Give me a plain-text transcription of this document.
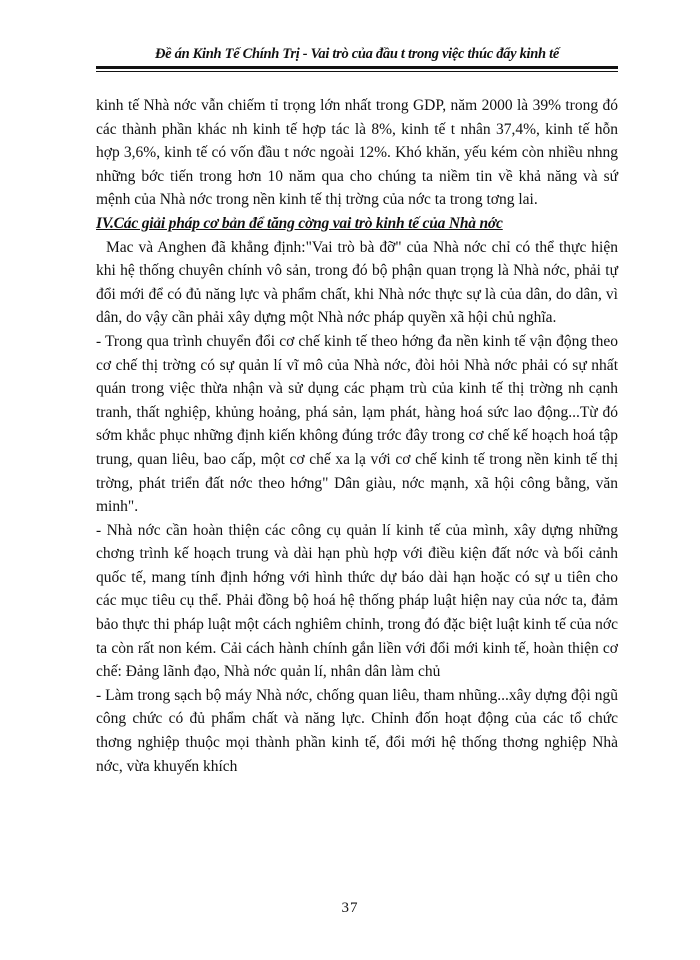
Đề án Kinh Tế Chính Trị - Vai trò của đầu t trong việc thúc đẩy kinh tế

kinh tế Nhà nớc vẫn chiếm tỉ trọng lớn nhất trong GDP, năm 2000 là 39% trong đó các thành phần khác nh kinh tế hợp tác là 8%, kinh tế t nhân 37,4%, kinh tế hỗn hợp 3,6%, kinh tế có vốn đầu t nớc ngoài 12%. Khó khăn, yếu kém còn nhiều nhng những bớc tiến trong hơn 10 năm qua cho chúng ta niềm tin về khả năng và sứ mệnh của Nhà nớc trong nền kinh tế thị trờng của nớc ta trong tơng lai.

IV.Các giải pháp cơ bản để tăng cờng vai trò kinh tế của Nhà nớc

Mac và Anghen đã khẳng định:"Vai trò bà đỡ" của Nhà nớc chỉ có thể thực hiện khi hệ thống chuyên chính vô sản, trong đó bộ phận quan trọng là Nhà nớc, phải tự đổi mới để có đủ năng lực và phẩm chất, khi Nhà nớc thực sự là của dân, do dân, vì dân, do vậy cần phải xây dựng một Nhà nớc pháp quyền xã hội chủ nghĩa.

- Trong qua trình chuyển đổi cơ chế kinh tế theo hớng đa nền kinh tế vận động theo cơ chế thị trờng có sự quản lí vĩ mô của Nhà nớc, đòi hỏi Nhà nớc phải có sự nhất quán trong việc thừa nhận và sử dụng các phạm trù của kinh tế thị trờng nh cạnh tranh, thất nghiệp, khủng hoảng, phá sản, lạm phát, hàng hoá sức lao động...Từ đó sớm khắc phục những định kiến không đúng trớc đây trong cơ chế kế hoạch hoá tập trung, quan liêu, bao cấp, một cơ chế xa lạ với cơ chế kinh tế trong nền kinh tế thị trờng, phát triển đất nớc theo hớng" Dân giàu, nớc mạnh, xã hội công bằng, văn minh".

- Nhà nớc cần hoàn thiện các công cụ quản lí kinh tế của mình, xây dựng những chơng trình kế hoạch trung và dài hạn phù hợp với điều kiện đất nớc và bối cảnh quốc tế, mang tính định hớng với hình thức dự báo dài hạn hoặc có sự u tiên cho các mục tiêu cụ thể. Phải đồng bộ hoá hệ thống pháp luật hiện nay của nớc ta, đảm bảo thực thi pháp luật một cách nghiêm chỉnh, trong đó đặc biệt luật kinh tế của nớc ta còn rất non kém. Cải cách hành chính gắn liền với đổi mới kinh tế, hoàn thiện cơ chế: Đảng lãnh đạo, Nhà nớc quản lí, nhân dân làm chủ

- Làm trong sạch bộ máy Nhà nớc, chống quan liêu, tham nhũng...xây dựng đội ngũ công chức có đủ phẩm chất và năng lực. Chỉnh đốn hoạt động của các tổ chức thơng nghiệp thuộc mọi thành phần kinh tế, đổi mới hệ thống thơng nghiệp Nhà nớc, vừa khuyến khích

37
